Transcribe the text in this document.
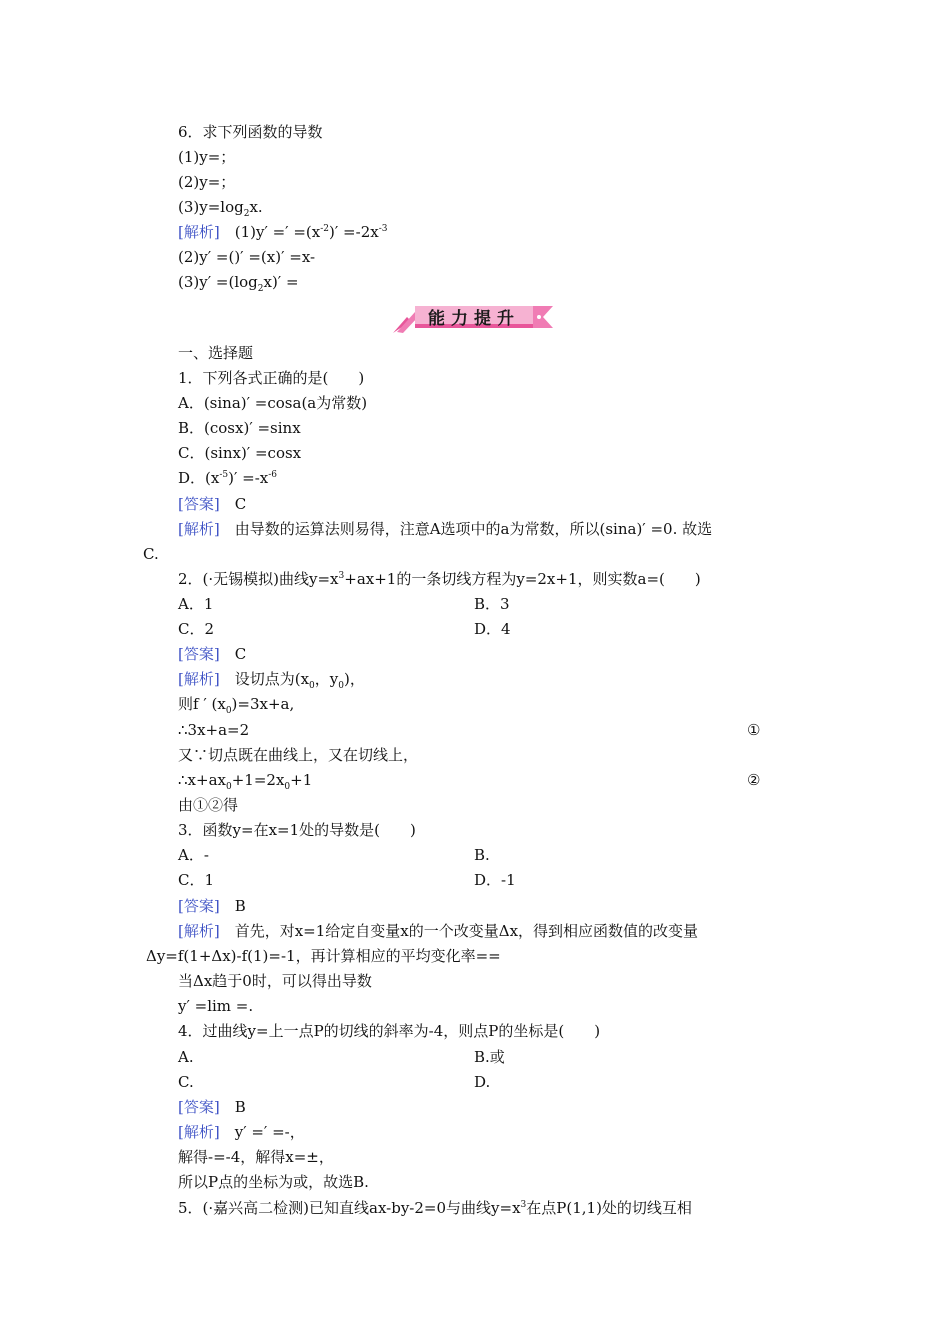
6．求下列函数的导数
(1)y=；
(2)y=；
$(3)y=\log_2x$.
[解析]　(1)y′ =′ $=(x^{-2})' =-2x^{-3}$
(2)y′ =()′ =(x)′ =x-
$(3)y' =(\log_2x)'$ =
能力提升
一、选择题
1．下列各式正确的是(　　)
A．(sina)′ =cosa(a为常数)
B．(cosx)′ =sinx
C．(sinx)′ =cosx
D．$(x^{-5})' =-x^{-6}$
[答案]　C
[解析]　由导数的运算法则易得，注意A选项中的a为常数，所以(sina)′ =0. 故选
C.
2．(·无锡模拟)曲线$y=x^3+ax+1$的一条切线方程为y=2x+1，则实数a=(　　)
A．1	B．3
C．2	D．4
[答案]　C
[解析]　设切点为($x_0$，$y_0$)，
则f ′ $(x_0)=3x+a$,
∴3x+a=2	①
又∵切点既在曲线上，又在切线上，
$\therefore x+ax_0+1=2x_0+1$	②
由①②得
3．函数y=在x=1处的导数是(　　)
A．-	B.
C．1	D．-1
[答案]　B
[解析]　首先，对x=1给定自变量x的一个改变量Δx，得到相应函数值的改变量
Δy=f(1+Δx)-f(1)=-1，再计算相应的平均变化率==
当Δx趋于0时，可以得出导数
y′ =lim =.
4．过曲线y=上一点P的切线的斜率为-4，则点P的坐标是(　　)
A.	B.或
C.	D.
[答案]　B
[解析]　y′ =′ =-，
解得-=-4，解得x=±，
所以P点的坐标为或，故选B.
5．(·嘉兴高二检测)已知直线ax-by-2=0与曲线$y=x^3$在点P(1,1)处的切线互相
